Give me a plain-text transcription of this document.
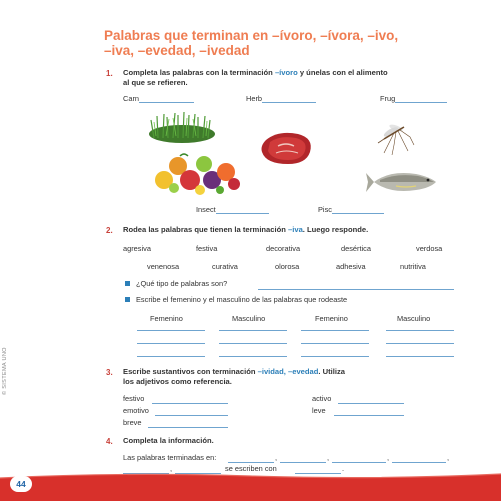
Palabras que terminan en –ívoro, –ívora, –ivo,
–iva, –evedad, –ivedad
1. Completa las palabras con la terminación –ívoro y únelas con el alimento
al que se refieren.
Carn	Herb	Frug
Insect	Pisc
2. Rodea las palabras que tienen la terminación –iva. Luego responde.
agresiva	festiva	decorativa	desértica	verdosa
venenosa	curativa	olorosa	adhesiva	nutritiva
¿Qué tipo de palabras son?
Escribe el femenino y el masculino de las palabras que rodeaste
Femenino	Masculino	Femenino	Masculino
3. Escribe sustantivos con terminación –ividad, –evedad. Utiliza
los adjetivos como referencia.
festivo
emotivo
breve
activo
leve
4. Completa la información.
Las palabras terminadas en:	,	,	,	,
,	se escriben con	.
© SISTEMA UNO
44
